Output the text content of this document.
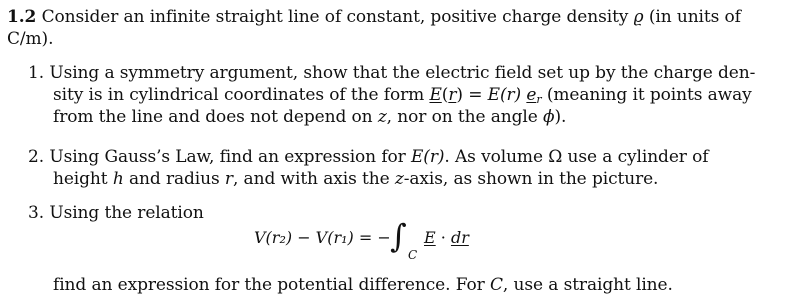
1.2 Consider an infinite straight line of constant, positive charge density ϱ (in units of
C/m).
1. Using a symmetry argument, show that the electric field set up by the charge den-
sity is in cylindrical coordinates of the form E(r) = E(r) er (meaning it points away
from the line and does not depend on z, nor on the angle ϕ).
2. Using Gauss’s Law, find an expression for E(r). As volume Ω use a cylinder of
height h and radius r, and with axis the z-axis, as shown in the picture.
3. Using the relation
V(r₂) − V(r₁) = − ∫ C
E · dr
find an expression for the potential difference. For C, use a straight line.
